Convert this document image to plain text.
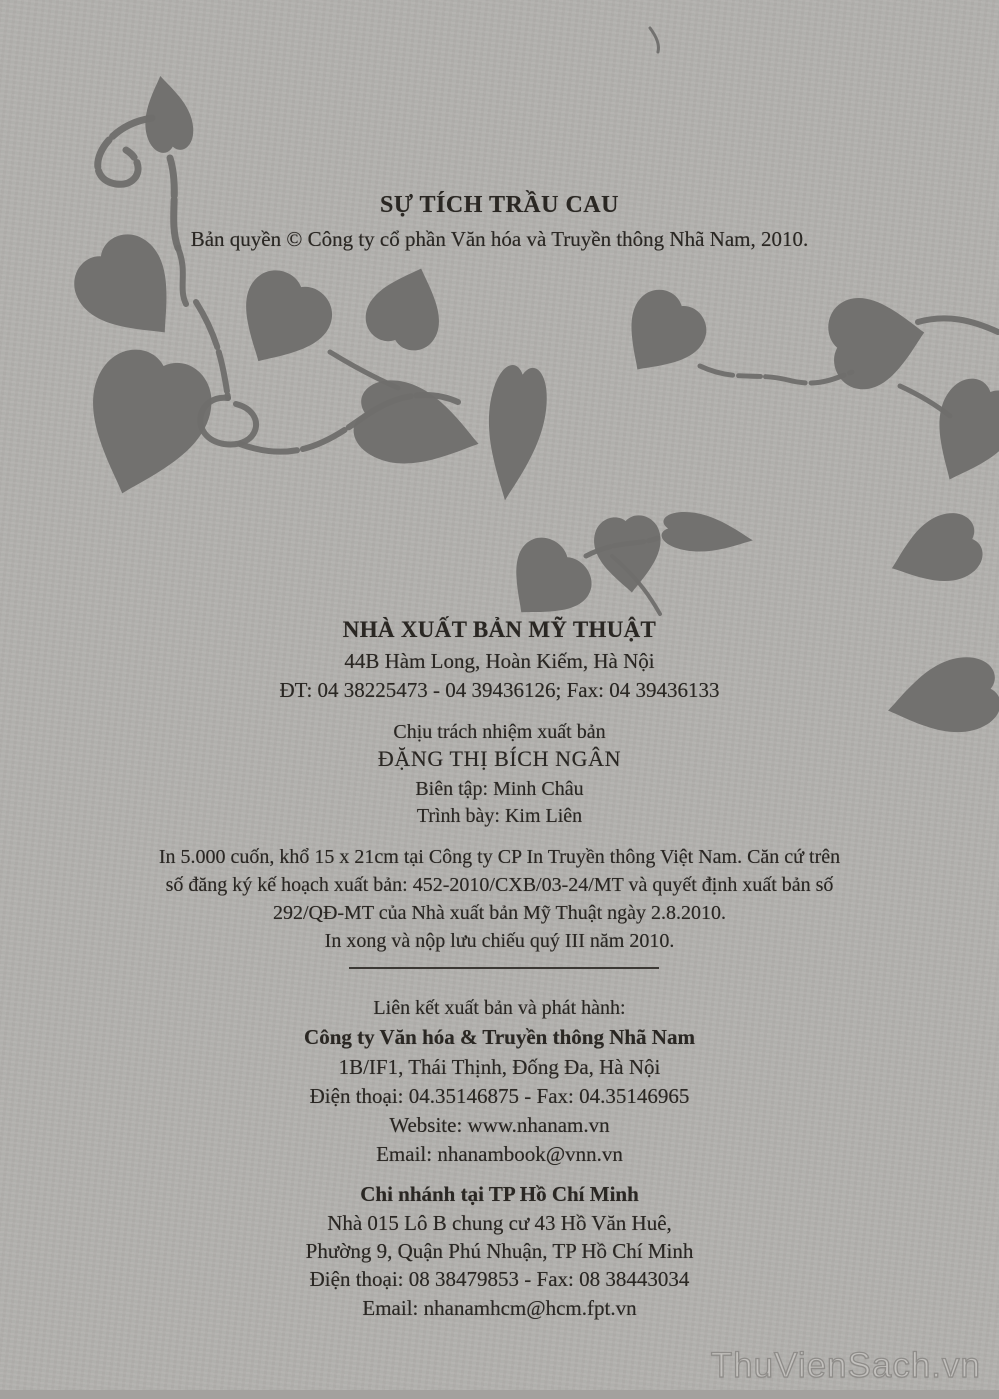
SỰ TÍCH TRẦU CAU
Bản quyền © Công ty cổ phần Văn hóa và Truyền thông Nhã Nam, 2010.
NHÀ XUẤT BẢN MỸ THUẬT
44B Hàm Long, Hoàn Kiếm, Hà Nội
ĐT: 04 38225473 - 04 39436126; Fax: 04 39436133
Chịu trách nhiệm xuất bản
ĐẶNG THỊ BÍCH NGÂN
Biên tập: Minh Châu
Trình bày: Kim Liên
In 5.000 cuốn, khổ 15 x 21cm tại Công ty CP In Truyền thông Việt Nam. Căn cứ trên
số đăng ký kế hoạch xuất bản: 452-2010/CXB/03-24/MT và quyết định xuất bản số
292/QĐ-MT của Nhà xuất bản Mỹ Thuật ngày 2.8.2010.
In xong và nộp lưu chiếu quý III năm 2010.
Liên kết xuất bản và phát hành:
Công ty Văn hóa & Truyền thông Nhã Nam
1B/IF1, Thái Thịnh, Đống Đa, Hà Nội
Điện thoại: 04.35146875 - Fax: 04.35146965
Website: www.nhanam.vn
Email: nhanambook@vnn.vn
Chi nhánh tại TP Hồ Chí Minh
Nhà 015 Lô B chung cư 43 Hồ Văn Huê,
Phường 9, Quận Phú Nhuận, TP Hồ Chí Minh
Điện thoại: 08 38479853 - Fax: 08 38443034
Email: nhanamhcm@hcm.fpt.vn
ThuVienSach.vn
